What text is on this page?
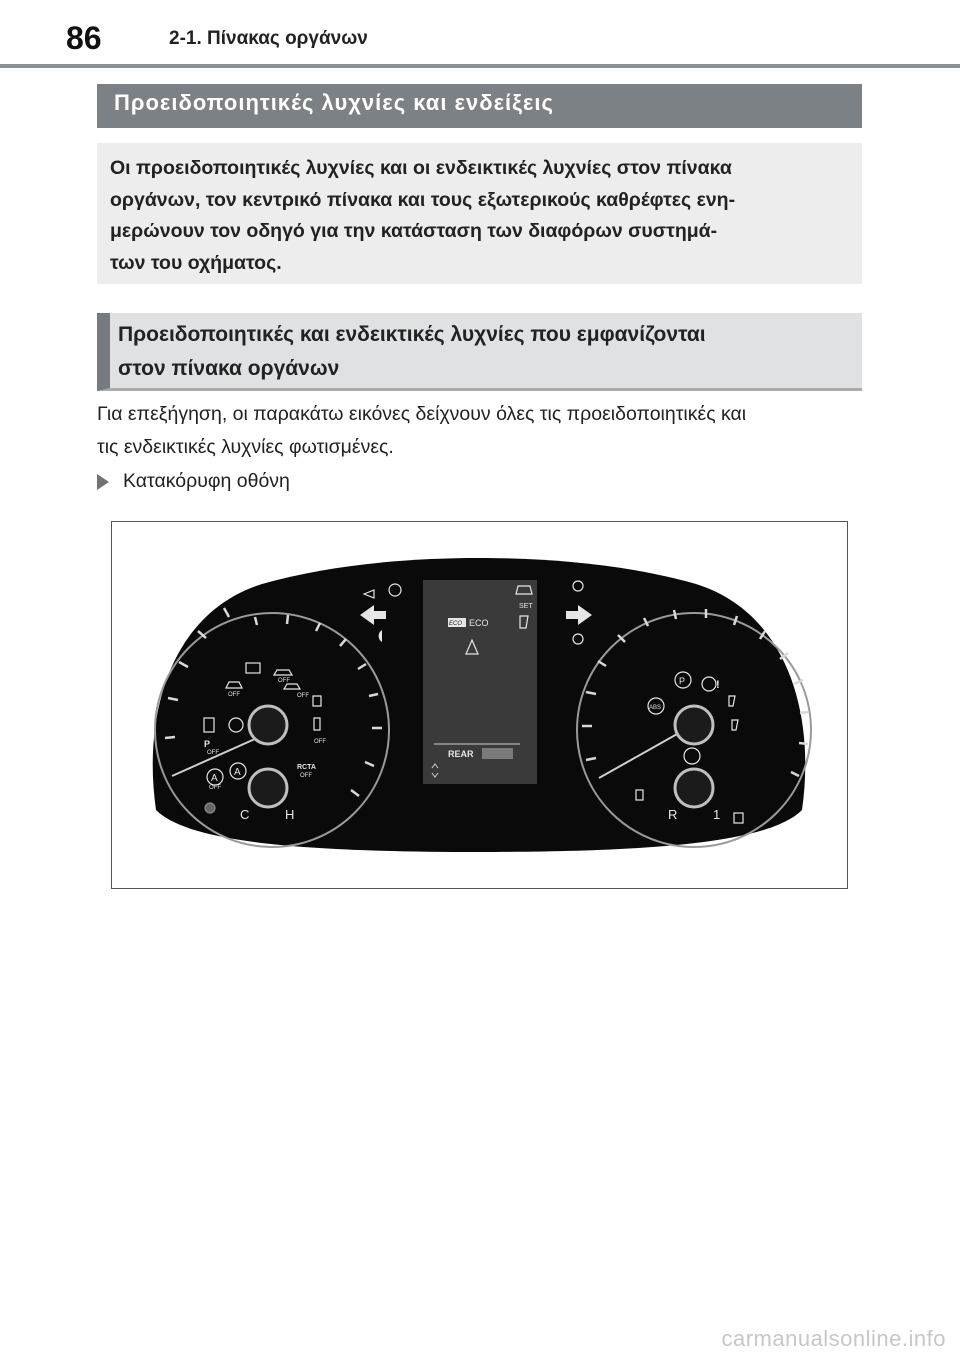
86	2-1. Πίνακας οργάνων
Προειδοποιητικές λυχνίες και ενδείξεις
Οι προειδοποιητικές λυχνίες και οι ενδεικτικές λυχνίες στον πίνακα
οργάνων, τον κεντρικό πίνακα και τους εξωτερικούς καθρέφτες ενη-
μερώνουν τον οδηγό για την κατάσταση των διαφόρων συστημά-
των του οχήματος.
Προειδοποιητικές και ενδεικτικές λυχνίες που εμφανίζονται
στον πίνακα οργάνων
Για επεξήγηση, οι παρακάτω εικόνες δείχνουν όλες τις προειδοποιητικές και
τις ενδεικτικές λυχνίες φωτισμένες.
Κατακόρυφη οθόνη
OFF
OFF
OFF
OFF
OFF
OFF
P
A
A	RCTA
OFF
C	H
ECO ECO
SET
REAR
P	!
ABS
R	1
carmanualsonline.info
